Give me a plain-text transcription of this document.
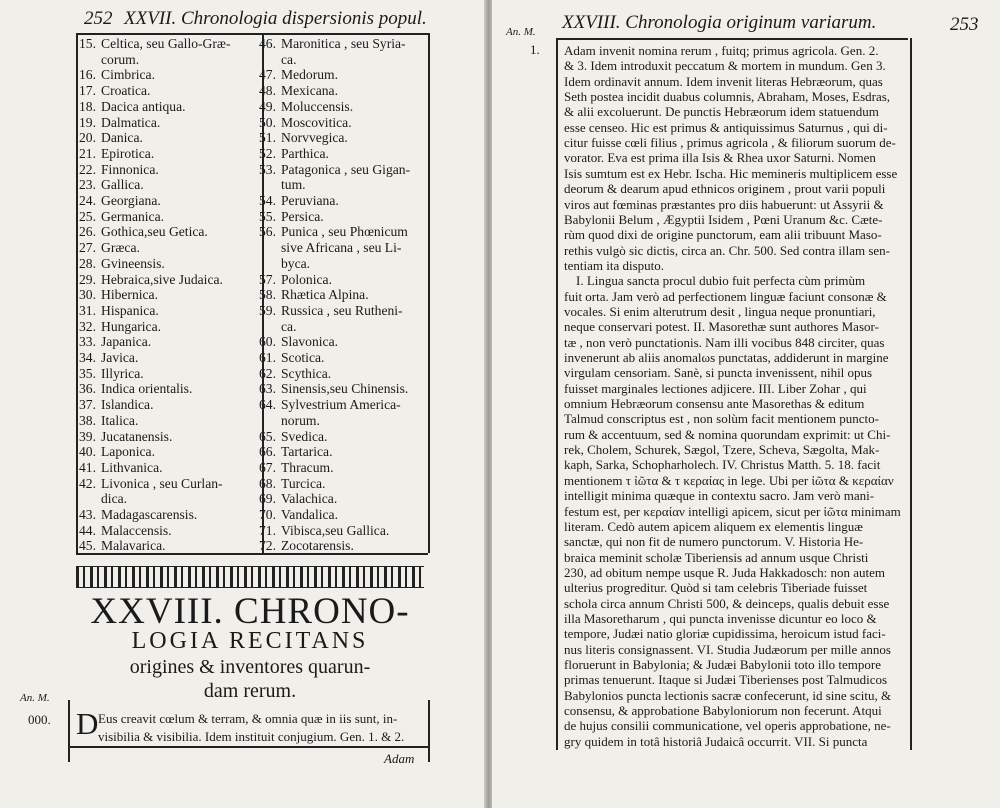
252 XXVII. Chronologia dispersionis popul.
15. Celtica, seu Gallo-Græ-
corum.
16. Cimbrica.
17. Croatica.
18. Dacica antiqua.
19. Dalmatica.
20. Danica.
21. Epirotica.
22. Finnonica.
23. Gallica.
24. Georgiana.
25. Germanica.
26. Gothica,seu Getica.
27. Græca.
28. Gvineensis.
29. Hebraica,sive Judaica.
30. Hibernica.
31. Hispanica.
32. Hungarica.
33. Japanica.
34. Javica.
35. Illyrica.
36. Indica orientalis.
37. Islandica.
38. Italica.
39. Jucatanensis.
40. Laponica.
41. Lithvanica.
42. Livonica , seu Curlan-
dica.
43. Madagascarensis.
44. Malaccensis.
45. Malavarica.
46. Maronitica , seu Syria-
ca.
47. Medorum.
48. Mexicana.
49. Moluccensis.
50. Moscovitica.
51. Norvvegica.
52. Parthica.
53. Patagonica , seu Gigan-
tum.
54. Peruviana.
55. Persica.
56. Punica , seu Phœnicum
sive Africana , seu Li-
byca.
57. Polonica.
58. Rhætica Alpina.
59. Russica , seu Rutheni-
ca.
60. Slavonica.
61. Scotica.
62. Scythica.
63. Sinensis,seu Chinensis.
64. Sylvestrium America-
norum.
65. Svedica.
66. Tartarica.
67. Thracum.
68. Turcica.
69. Valachica.
70. Vandalica.
71. Vibisca,seu Gallica.
72. Zocotarensis.
XXVIII. CHRONO-
LOGIA RECITANS
origines & inventores quarun-
dam rerum.
An. M.
000. D Eus creavit cœlum & terram, & omnia quæ in iis sunt, in-
visibilia & visibilia. Idem instituit conjugium. Gen. 1. & 2.
Adam
An. M. XXVIII. Chronologia originum variarum.	253
1. Adam invenit nomina rerum , fuitq; primus agricola. Gen. 2.
& 3. Idem introduxit peccatum & mortem in mundum. Gen 3.
Idem ordinavit annum. Idem invenit literas Hebræorum, quas
Seth postea incidit duabus columnis, Abraham, Moses, Esdras,
& alii excoluerunt. De punctis Hebræorum idem statuendum
esse censeo. Hic est primus & antiquissimus Saturnus , qui di-
citur fuisse cœli filius , primus agricola , & filiorum suorum de-
vorator. Eva est prima illa Isis & Rhea uxor Saturni. Nomen
Isis sumtum est ex Hebr. Ischa. Hic memineris multiplicem esse
deorum & dearum apud ethnicos originem , prout varii populi
viros aut fœminas præstantes pro diis habuerunt: ut Assyrii &
Babylonii Belum , Ægyptii Isidem , Pœni Uranum &c. Cæte-
rùm quod dixi de origine punctorum, eam alii tribuunt Maso-
rethis vulgò sic dictis, circa an. Chr. 500. Sed contra illam sen-
tentiam ita disputo.
I. Lingua sancta procul dubio fuit perfecta cùm primùm
fuit orta. Jam verò ad perfectionem linguæ faciunt consonæ &
vocales. Si enim alterutrum desit , lingua neque pronuntiari,
neque conservari potest. II. Masorethæ sunt authores Masor-
tæ , non verò punctationis. Nam illi vocibus 848 circiter, quas
invenerunt ab aliis anomalωs punctatas, addiderunt in margine
virgulam censoriam. Sanè, si puncta invenissent, nihil opus
fuisset marginales lectiones adjicere. III. Liber Zohar , qui
omnium Hebræorum consensu ante Masorethas & editum
Talmud conscriptus est , non solùm facit mentionem puncto-
rum & accentuum, sed & nomina quorundam exprimit: ut Chi-
rek, Cholem, Schurek, Sægol, Tzere, Scheva, Sægolta, Mak-
kaph, Sarka, Schopharholech. IV. Christus Matth. 5. 18. facit
mentionem τ ἰῶτα & τ κεραίας in lege. Ubi per ἰῶτα & κεραίαν
intelligit minima quæque in contextu sacro. Jam verò mani-
festum est, per κεραίαν intelligi apicem, sicut per ἰῶτα minimam
literam. Cedò autem apicem aliquem ex elementis linguæ
sanctæ, qui non fit de numero punctorum. V. Historia He-
braica meminit scholæ Tiberiensis ad annum usque Christi
230, ad obitum nempe usque R. Juda Hakkadosch: non autem
ulterius progreditur. Quòd si tam celebris Tiberiade fuisset
schola circa annum Christi 500, & deinceps, qualis debuit esse
illa Masoretharum , qui puncta invenisse dicuntur eo loco &
tempore, Judæi natio gloriæ cupidissima, heroicum istud faci-
nus literis consignassent. VI. Studia Judæorum per mille annos
floruerunt in Babylonia; & Judæi Babylonii toto illo tempore
primas tenuerunt. Itaque si Judæi Tiberienses post Talmudicos
Babylonios puncta lectionis sacræ confecerunt, id sine scitu, &
consensu, & approbatione Babyloniorum non fecerunt. Atqui
de hujus consilii communicatione, vel operis approbatione, ne-
gry quidem in totâ historiâ Judaicâ occurrit. VII. Si puncta
